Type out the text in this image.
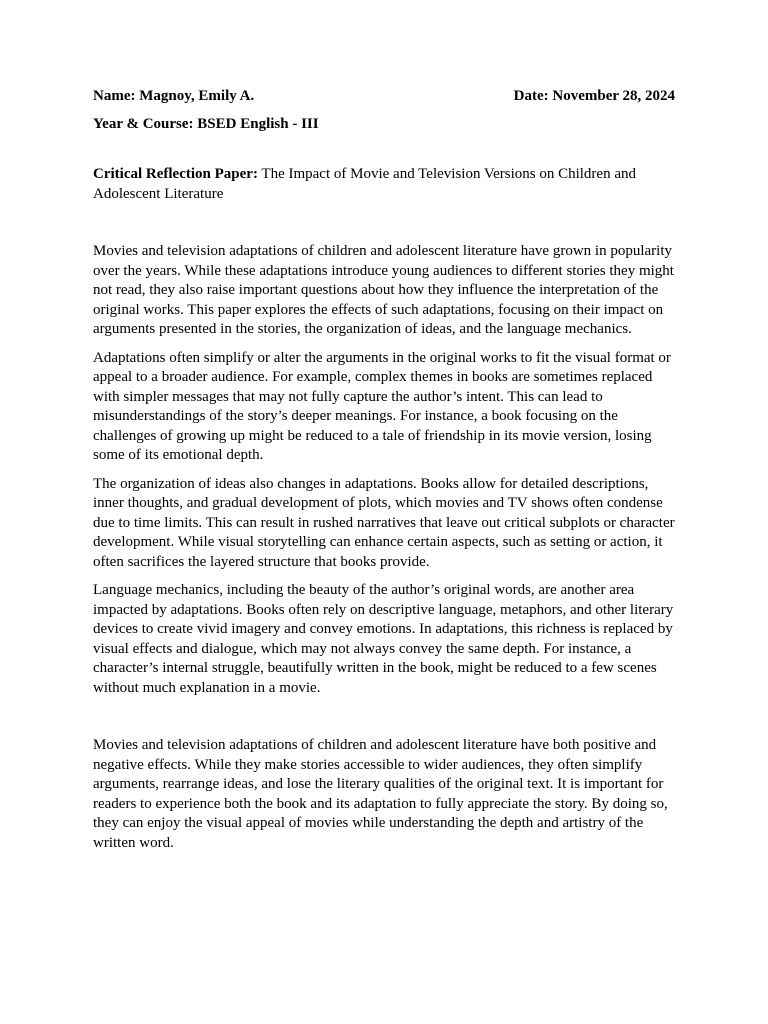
Name: Magnoy, Emily A.	Date: November 28, 2024
Year & Course: BSED English - III
Critical Reflection Paper: The Impact of Movie and Television Versions on Children and Adolescent Literature

Movies and television adaptations of children and adolescent literature have grown in popularity over the years. While these adaptations introduce young audiences to different stories they might not read, they also raise important questions about how they influence the interpretation of the original works. This paper explores the effects of such adaptations, focusing on their impact on arguments presented in the stories, the organization of ideas, and the language mechanics.

Adaptations often simplify or alter the arguments in the original works to fit the visual format or appeal to a broader audience. For example, complex themes in books are sometimes replaced with simpler messages that may not fully capture the author’s intent. This can lead to misunderstandings of the story’s deeper meanings. For instance, a book focusing on the challenges of growing up might be reduced to a tale of friendship in its movie version, losing some of its emotional depth.

The organization of ideas also changes in adaptations. Books allow for detailed descriptions, inner thoughts, and gradual development of plots, which movies and TV shows often condense due to time limits. This can result in rushed narratives that leave out critical subplots or character development. While visual storytelling can enhance certain aspects, such as setting or action, it often sacrifices the layered structure that books provide.

Language mechanics, including the beauty of the author’s original words, are another area impacted by adaptations. Books often rely on descriptive language, metaphors, and other literary devices to create vivid imagery and convey emotions. In adaptations, this richness is replaced by visual effects and dialogue, which may not always convey the same depth. For instance, a character’s internal struggle, beautifully written in the book, might be reduced to a few scenes without much explanation in a movie.

Movies and television adaptations of children and adolescent literature have both positive and negative effects. While they make stories accessible to wider audiences, they often simplify arguments, rearrange ideas, and lose the literary qualities of the original text. It is important for readers to experience both the book and its adaptation to fully appreciate the story. By doing so, they can enjoy the visual appeal of movies while understanding the depth and artistry of the written word.
